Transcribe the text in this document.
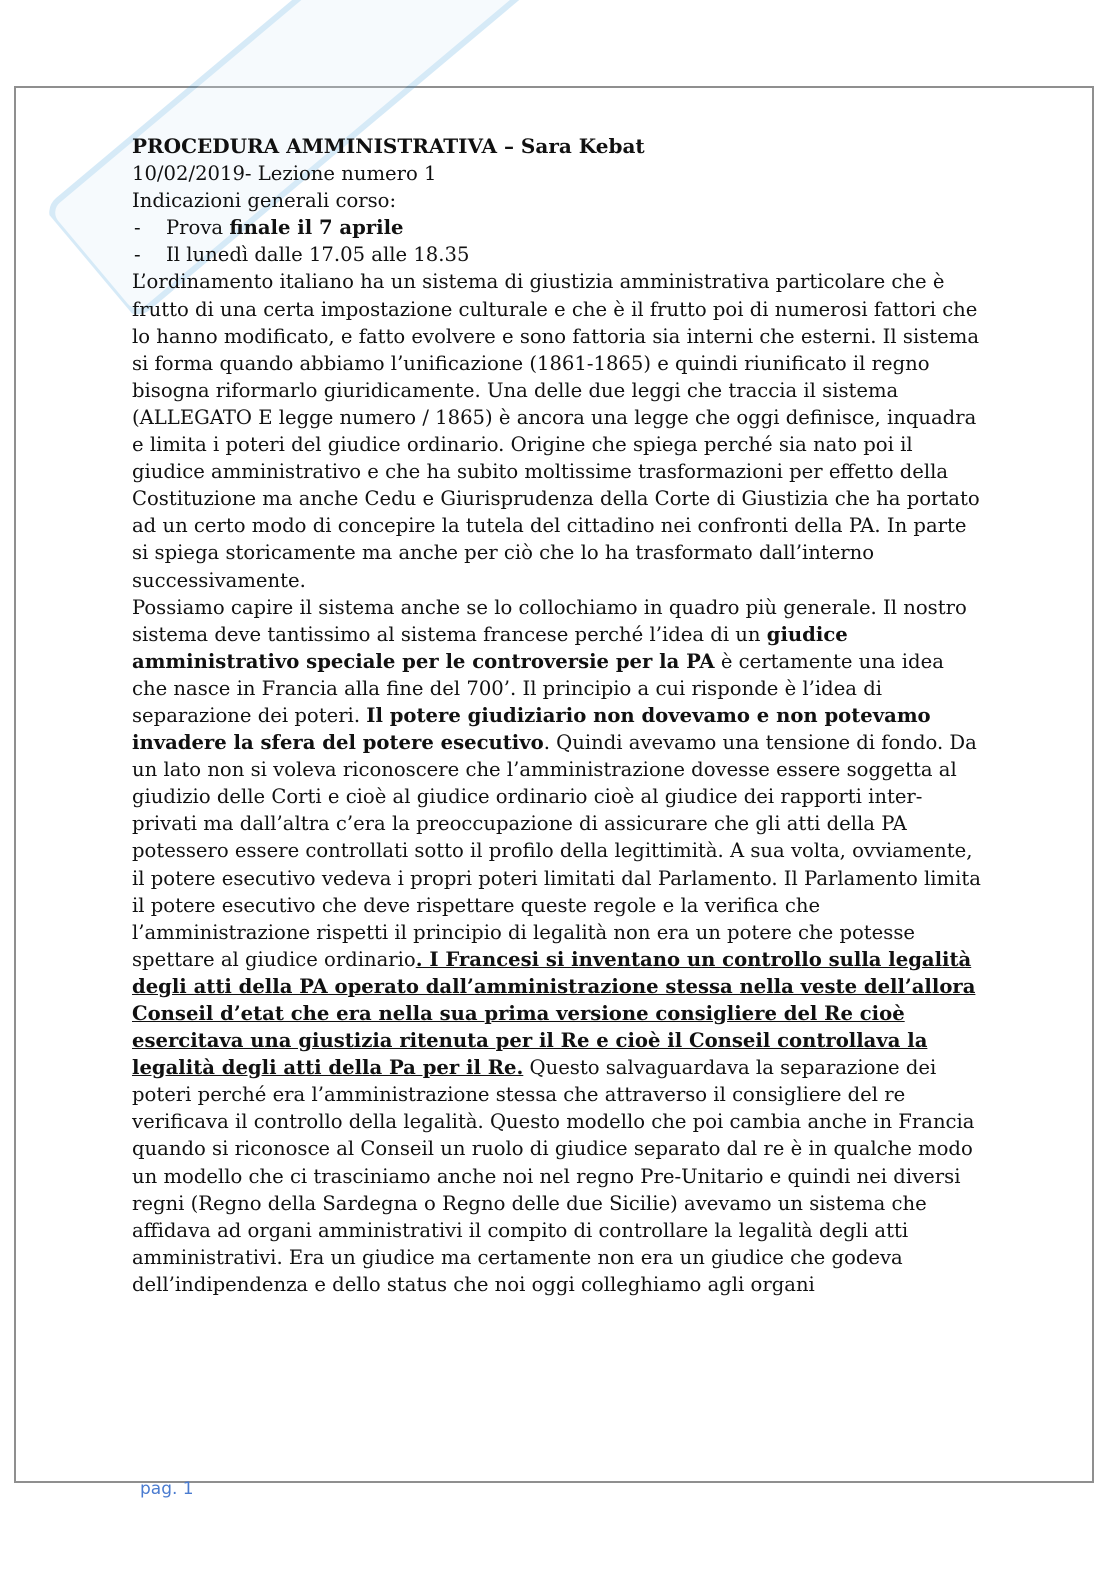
PROCEDURA AMMINISTRATIVA – Sara Kebat

10/02/2019- Lezione numero 1

Indicazioni generali corso:

- Prova finale il 7 aprile
- Il lunedì dalle 17.05 alle 18.35

L’ordinamento italiano ha un sistema di giustizia amministrativa particolare che è frutto di una certa impostazione culturale e che è il frutto poi di numerosi fattori che lo hanno modificato, e fatto evolvere e sono fattoria sia interni che esterni. Il sistema si forma quando abbiamo l’unificazione (1861-1865) e quindi riunificato il regno bisogna riformarlo giuridicamente. Una delle due leggi che traccia il sistema (ALLEGATO E legge numero / 1865) è ancora una legge che oggi definisce, inquadra e limita i poteri del giudice ordinario. Origine che spiega perché sia nato poi il giudice amministrativo e che ha subito moltissime trasformazioni per effetto della Costituzione ma anche Cedu e Giurisprudenza della Corte di Giustizia che ha portato ad un certo modo di concepire la tutela del cittadino nei confronti della PA. In parte si spiega storicamente ma anche per ciò che lo ha trasformato dall’interno successivamente.

Possiamo capire il sistema anche se lo collochiamo in quadro più generale. Il nostro sistema deve tantissimo al sistema francese perché l’idea di un giudice amministrativo speciale per le controversie per la PA è certamente una idea che nasce in Francia alla fine del 700’. Il principio a cui risponde è l’idea di separazione dei poteri. Il potere giudiziario non dovevamo e non potevamo invadere la sfera del potere esecutivo. Quindi avevamo una tensione di fondo. Da un lato non si voleva riconoscere che l’amministrazione dovesse essere soggetta al giudizio delle Corti e cioè al giudice ordinario cioè al giudice dei rapporti inter-privati ma dall’altra c’era la preoccupazione di assicurare che gli atti della PA potessero essere controllati sotto il profilo della legittimità. A sua volta, ovviamente, il potere esecutivo vedeva i propri poteri limitati dal Parlamento. Il Parlamento limita il potere esecutivo che deve rispettare queste regole e la verifica che l’amministrazione rispetti il principio di legalità non era un potere che potesse spettare al giudice ordinario. I Francesi si inventano un controllo sulla legalità degli atti della PA operato dall’amministrazione stessa nella veste dell’allora Conseil d’etat che era nella sua prima versione consigliere del Re cioè esercitava una giustizia ritenuta per il Re e cioè il Conseil controllava la legalità degli atti della Pa per il Re. Questo salvaguardava la separazione dei poteri perché era l’amministrazione stessa che attraverso il consigliere del re verificava il controllo della legalità. Questo modello che poi cambia anche in Francia quando si riconosce al Conseil un ruolo di giudice separato dal re è in qualche modo un modello che ci trasciniamo anche noi nel regno Pre-Unitario e quindi nei diversi regni (Regno della Sardegna o Regno delle due Sicilie) avevamo un sistema che affidava ad organi amministrativi il compito di controllare la legalità degli atti amministrativi. Era un giudice ma certamente non era un giudice che godeva dell’indipendenza e dello status che noi oggi colleghiamo agli organi

pag. 1
